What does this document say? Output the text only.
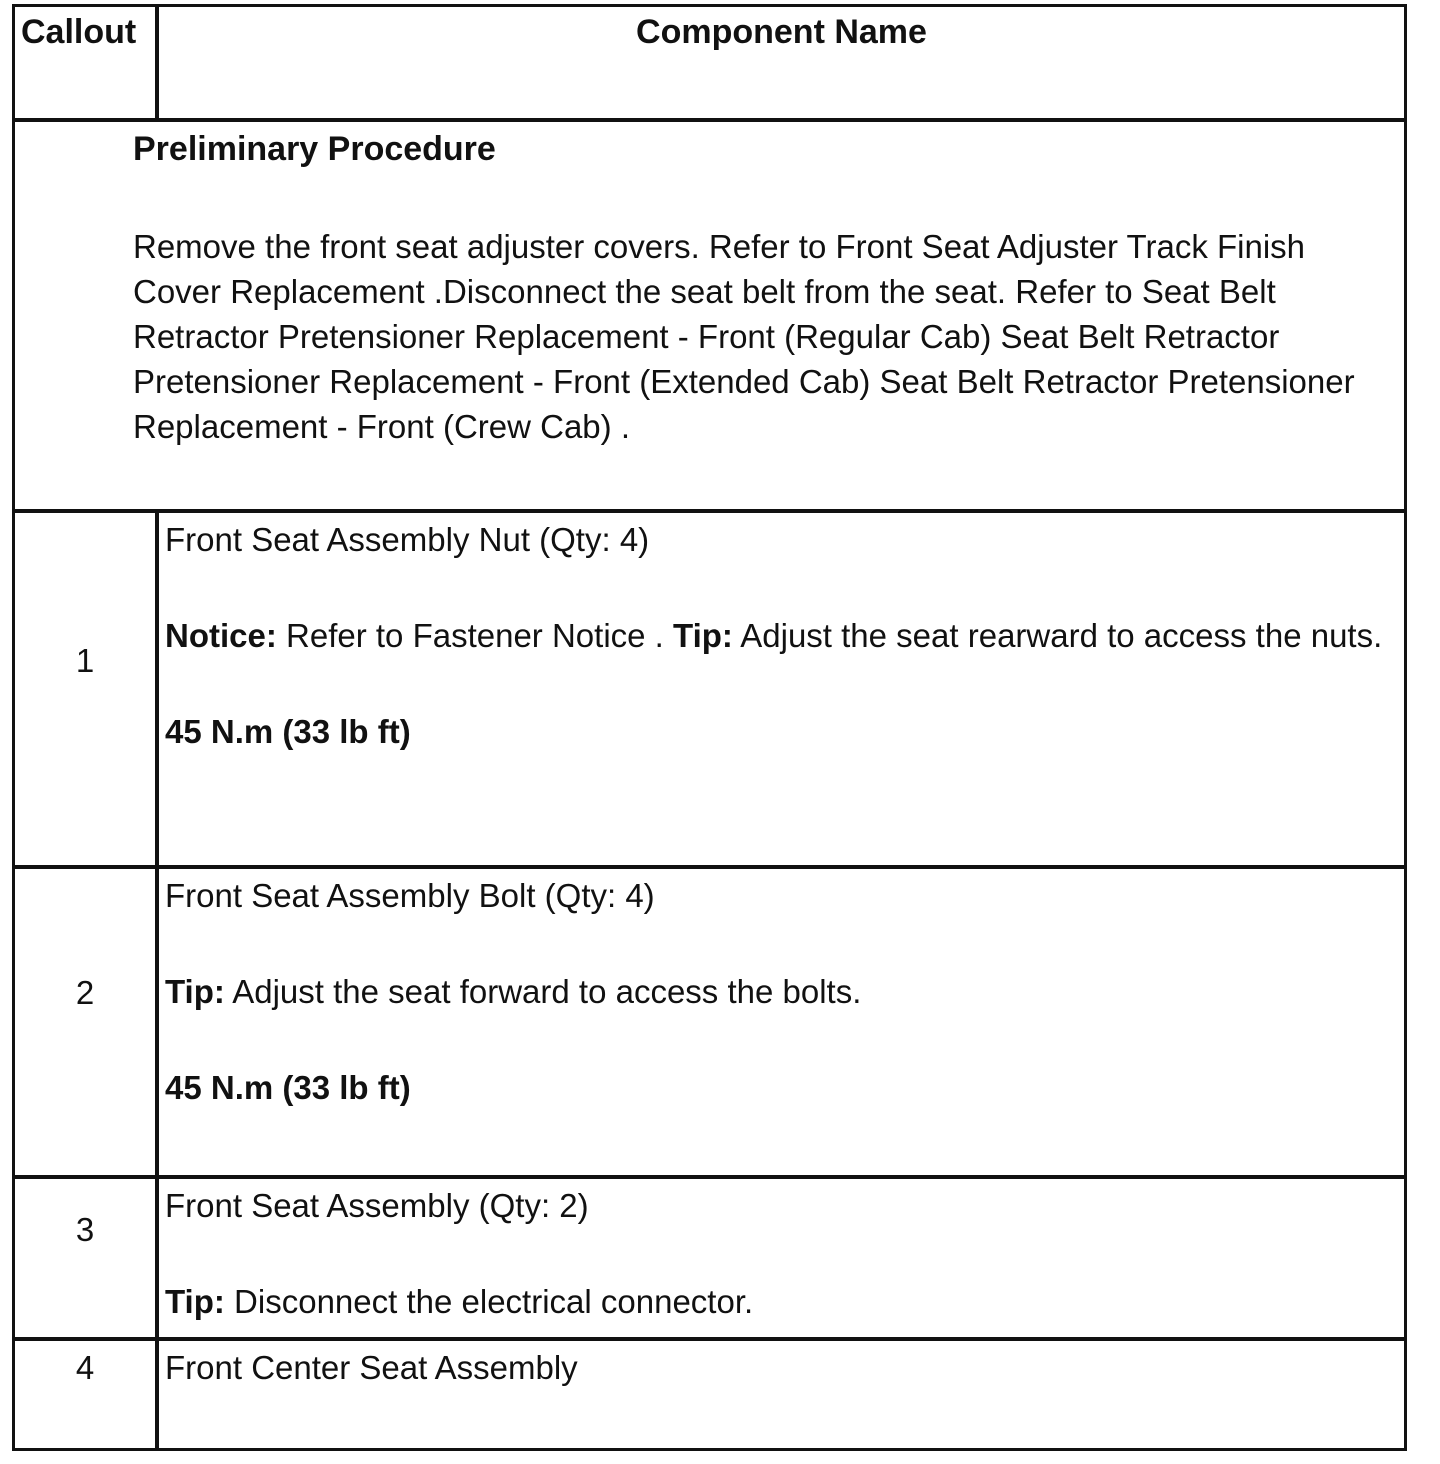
Callout	Component Name
Preliminary Procedure
Remove the front seat adjuster covers. Refer to Front Seat Adjuster Track Finish Cover Replacement .Disconnect the seat belt from the seat. Refer to Seat Belt Retractor Pretensioner Replacement - Front (Regular Cab) Seat Belt Retractor Pretensioner Replacement - Front (Extended Cab) Seat Belt Retractor Pretensioner Replacement - Front (Crew Cab) .
1

Front Seat Assembly Nut (Qty: 4)

Notice: Refer to Fastener Notice . Tip: Adjust the seat rearward to access the nuts.

45 N.m (33 lb ft)

2

Front Seat Assembly Bolt (Qty: 4)

Tip: Adjust the seat forward to access the bolts.

45 N.m (33 lb ft)

3

Front Seat Assembly (Qty: 2)

Tip: Disconnect the electrical connector.

4	Front Center Seat Assembly
